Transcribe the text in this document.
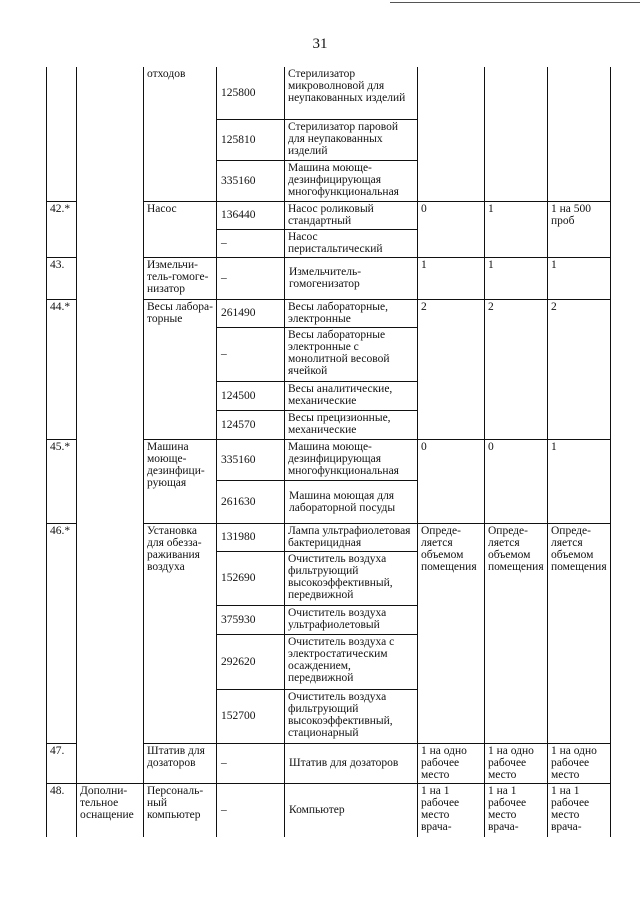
31
		отходов	125800	Стерилизатор микроволновой для неупакованных изделий			
			125810	Стерилизатор паровой для неупакованных изделий			
			335160	Машина моюще-дезинфицирующая многофункциональная			
42.*		Насос	136440	Насос роликовый стандартный	0	1	1 на 500 проб
			–	Насос перистальтический			
43.		Измельчи-тель-гомоге-низатор	–	Измельчитель-гомогенизатор	1	1	1
44.*		Весы лабора-торные	261490	Весы лабораторные, электронные	2	2	2
			–	Весы лабораторные электронные с монолитной весовой ячейкой			
			124500	Весы аналитические, механические			
			124570	Весы прецизионные, механические			
45.*		Машина моюще-дезинфици-рующая	335160	Машина моюще-дезинфицирующая многофункциональная	0	0	1
			261630	Машина моющая для лабораторной посуды			
46.*		Установка для обезза-раживания воздуха	131980	Лампа ультрафиолетовая бактерицидная	Опреде-ляется объемом помещения	Опреде-ляется объемом помещения	Опреде-ляется объемом помещения
			152690	Очиститель воздуха фильтрующий высокоэффективный, передвижной			
			375930	Очиститель воздуха ультрафиолетовый			
			292620	Очиститель воздуха с электростатическим осаждением, передвижной			
			152700	Очиститель воздуха фильтрующий высокоэффективный, стационарный			
47.		Штатив для дозаторов	–	Штатив для дозаторов	1 на одно рабочее место	1 на одно рабочее место	1 на одно рабочее место
48.	Дополни-тельное оснащение	Персональ-ный компьютер	–	Компьютер	1 на 1 рабочее место врача-	1 на 1 рабочее место врача-	1 на 1 рабочее место врача-
